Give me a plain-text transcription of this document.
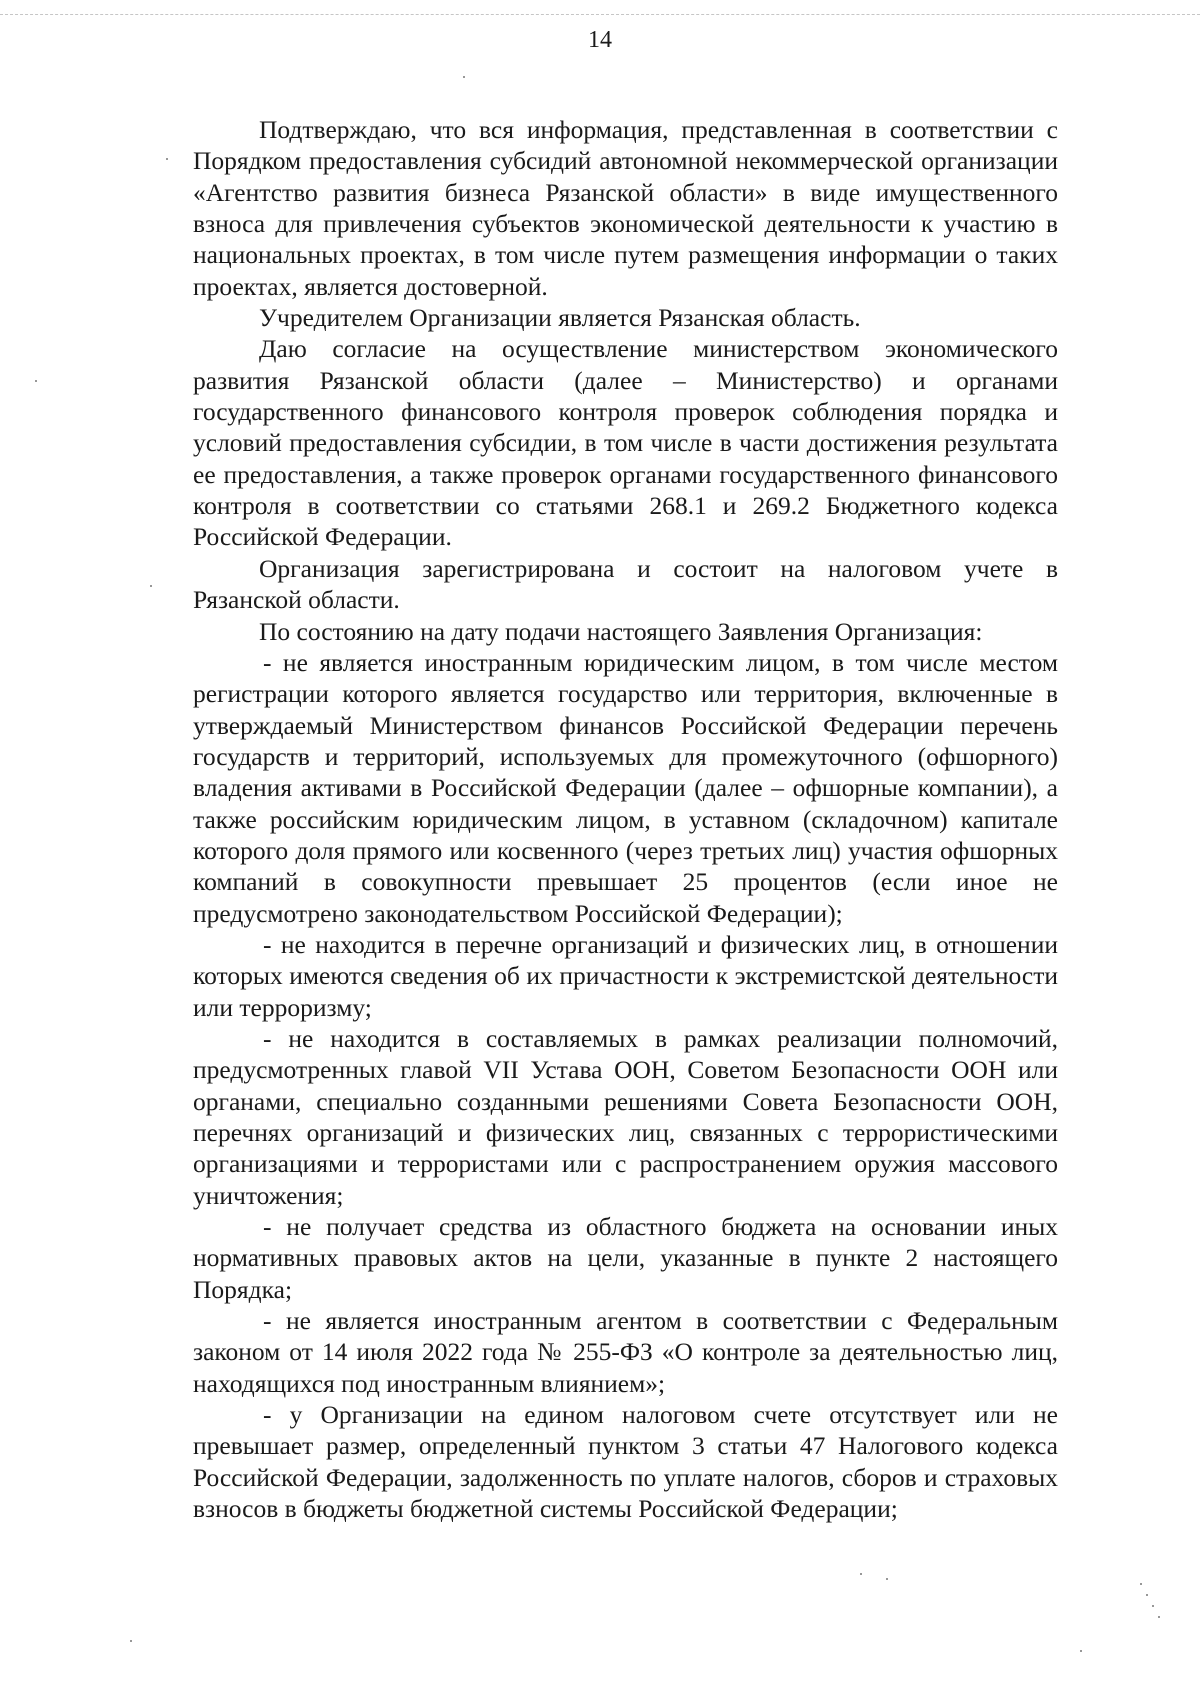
14

Подтверждаю, что вся информация, представленная в соответствии с Порядком предоставления субсидий автономной некоммерческой организации «Агентство развития бизнеса Рязанской области» в виде имущественного взноса для привлечения субъектов экономической деятельности к участию в национальных проектах, в том числе путем размещения информации о таких проектах, является достоверной.

Учредителем Организации является Рязанская область.

Даю согласие на осуществление министерством экономического развития Рязанской области (далее – Министерство) и органами государственного финансового контроля проверок соблюдения порядка и условий предоставления субсидии, в том числе в части достижения результата ее предоставления, а также проверок органами государственного финансового контроля в соответствии со статьями 268.1 и 269.2 Бюджетного кодекса Российской Федерации.

Организация зарегистрирована и состоит на налоговом учете в Рязанской области.

По состоянию на дату подачи настоящего Заявления Организация:

- не является иностранным юридическим лицом, в том числе местом регистрации которого является государство или территория, включенные в утверждаемый Министерством финансов Российской Федерации перечень государств и территорий, используемых для промежуточного (офшорного) владения активами в Российской Федерации (далее – офшорные компании), а также российским юридическим лицом, в уставном (складочном) капитале которого доля прямого или косвенного (через третьих лиц) участия офшорных компаний в совокупности превышает 25 процентов (если иное не предусмотрено законодательством Российской Федерации);

- не находится в перечне организаций и физических лиц, в отношении которых имеются сведения об их причастности к экстремистской деятельности или терроризму;

- не находится в составляемых в рамках реализации полномочий, предусмотренных главой VII Устава ООН, Советом Безопасности ООН или органами, специально созданными решениями Совета Безопасности ООН, перечнях организаций и физических лиц, связанных с террористическими организациями и террористами или с распространением оружия массового уничтожения;

- не получает средства из областного бюджета на основании иных нормативных правовых актов на цели, указанные в пункте 2 настоящего Порядка;

- не является иностранным агентом в соответствии с Федеральным законом от 14 июля 2022 года № 255-ФЗ «О контроле за деятельностью лиц, находящихся под иностранным влиянием»;

- у Организации на едином налоговом счете отсутствует или не превышает размер, определенный пунктом 3 статьи 47 Налогового кодекса Российской Федерации, задолженность по уплате налогов, сборов и страховых взносов в бюджеты бюджетной системы Российской Федерации;
